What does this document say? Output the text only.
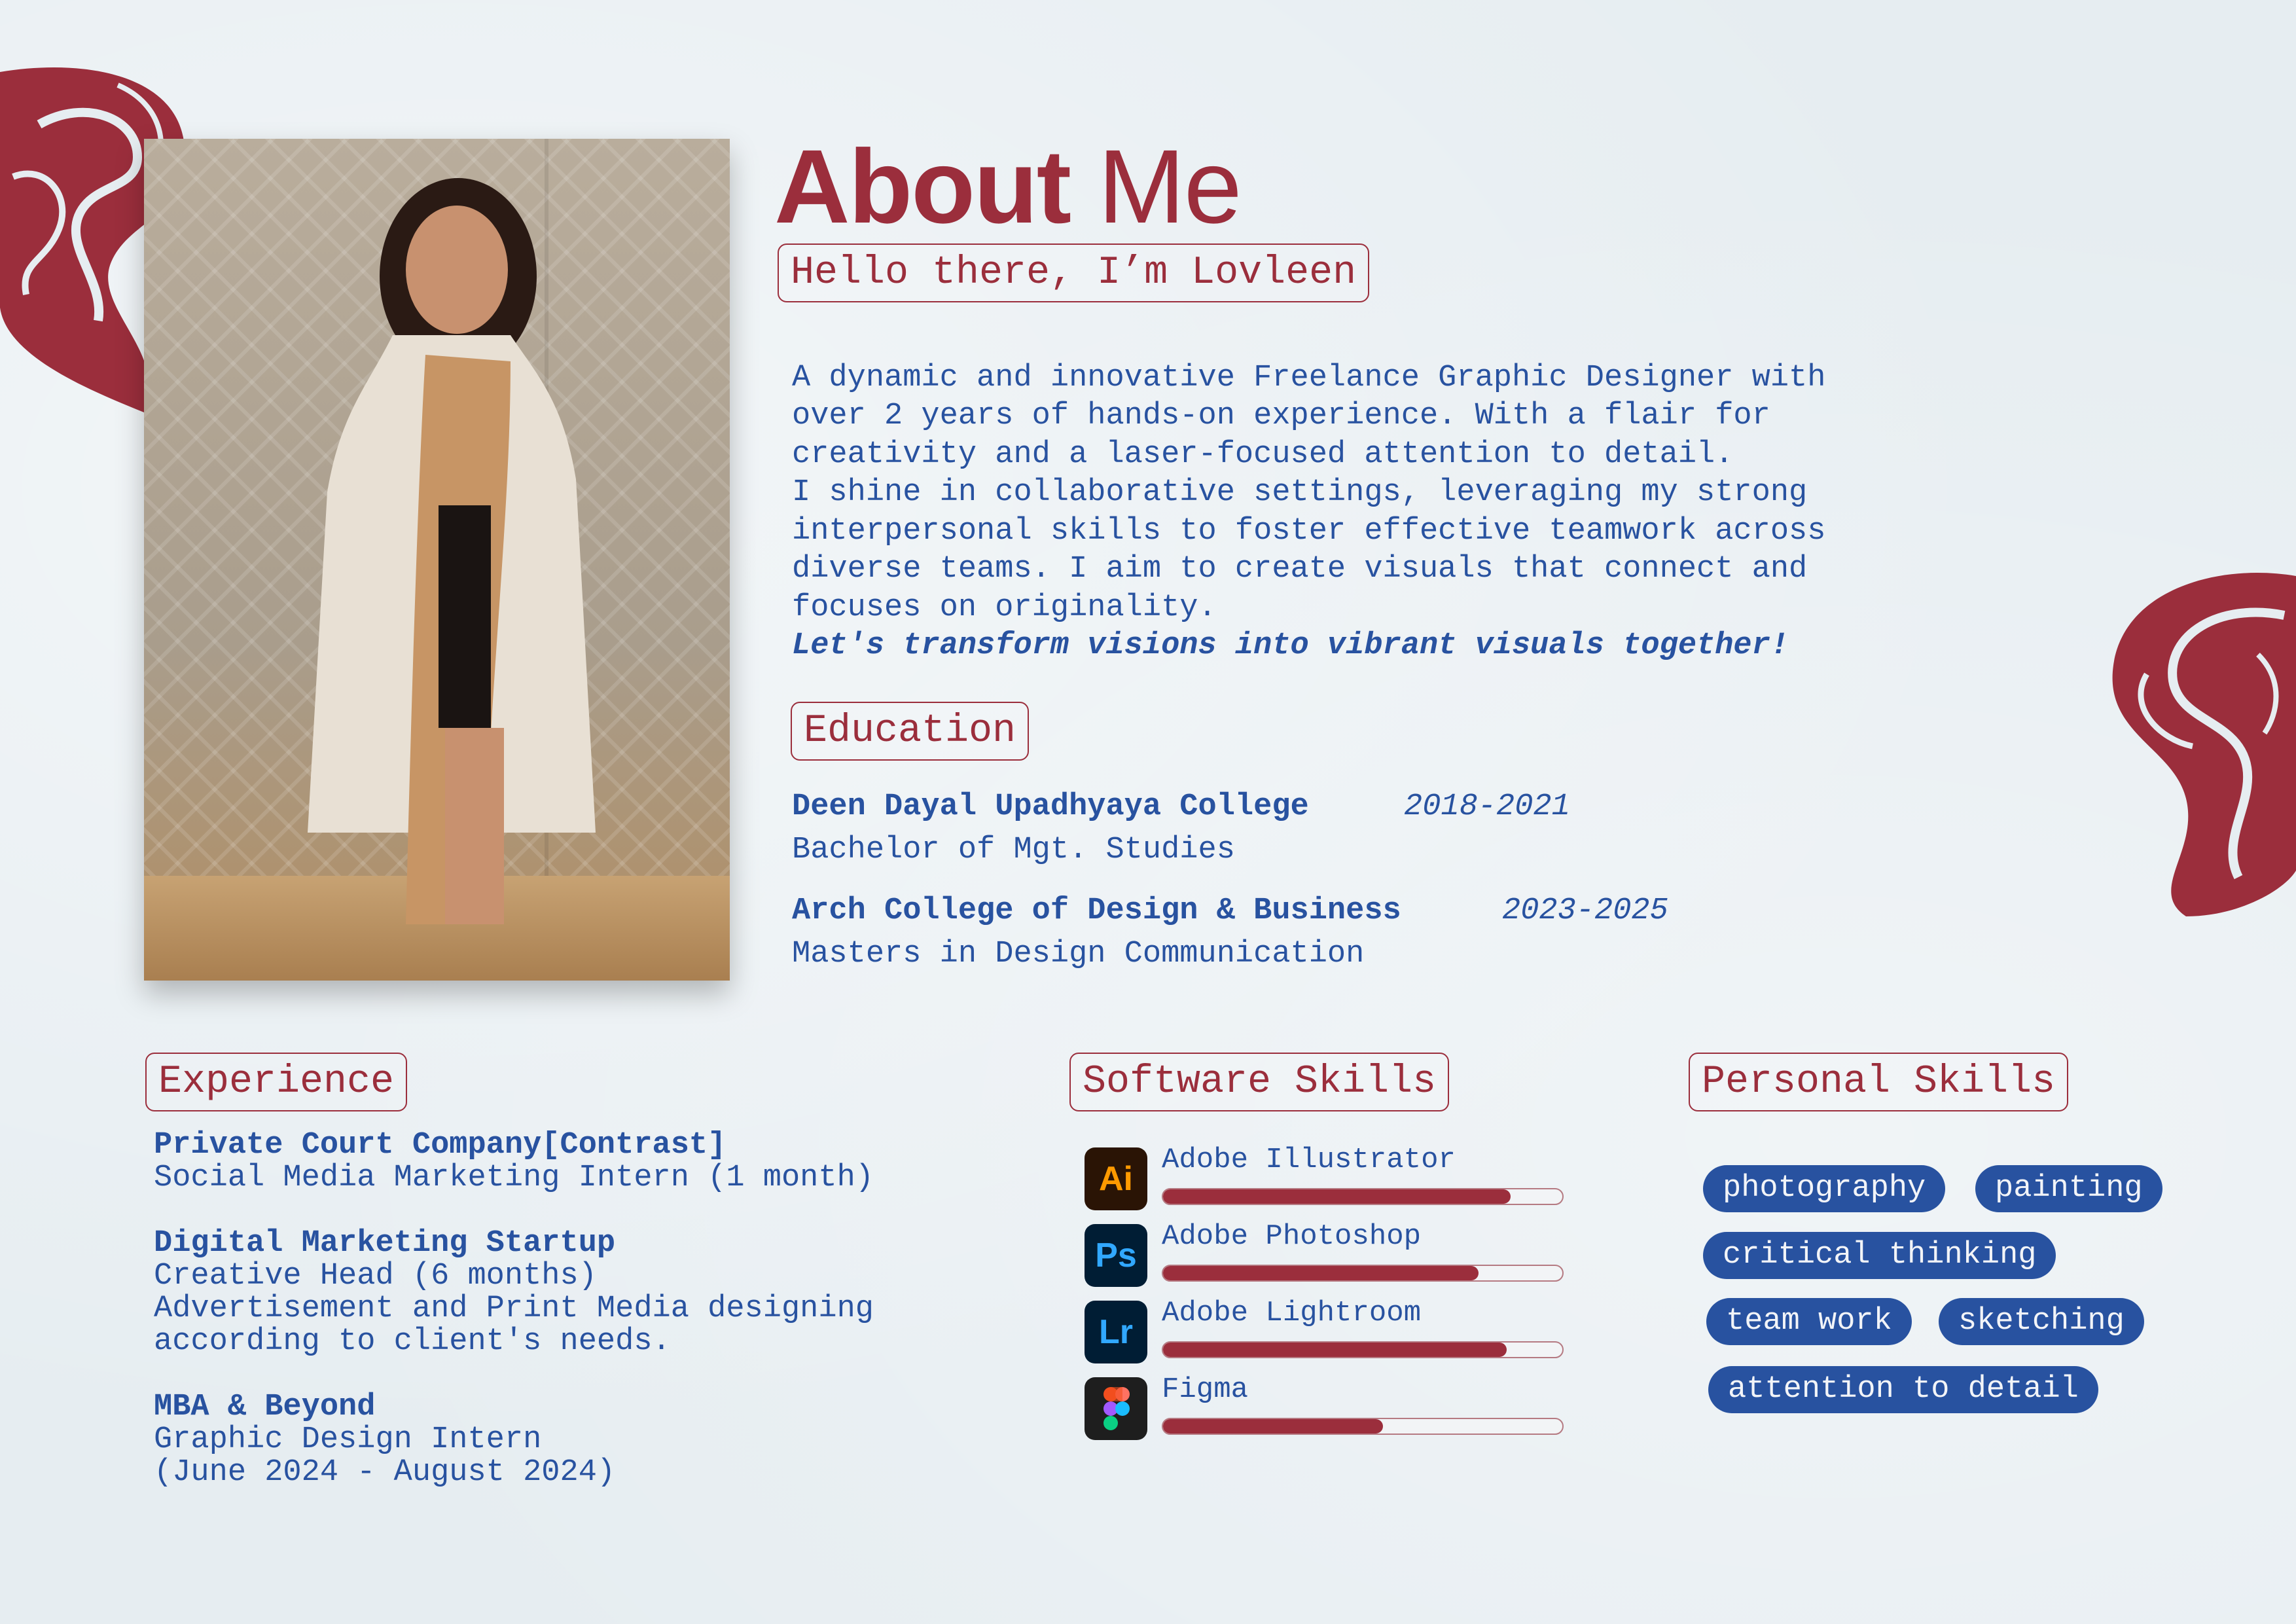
About Me
Hello there, I’m Lovleen

A dynamic and innovative Freelance Graphic Designer with
over 2 years of hands-on experience. With a flair for
creativity and a laser-focused attention to detail.
I shine in collaborative settings, leveraging my strong
interpersonal skills to foster effective teamwork across
diverse teams. I aim to create visuals that connect and
focuses on originality.

Let's transform visions into vibrant visuals together!

Education
Deen Dayal Upadhyaya College
Bachelor of Mgt. Studies
2018-2021
Arch College of Design & Business
Masters in Design Communication
2023-2025
Experience
Private Court Company[Contrast]
Social Media Marketing Intern (1 month)
Digital Marketing Startup
Creative Head (6 months)
Advertisement and Print Media designing
according to client's needs.
MBA & Beyond
Graphic Design Intern
(June 2024 - August 2024)
Software Skills
Ai	Adobe Illustrator
Ps Adobe Photoshop
Lr	Adobe Lightroom
Figma
Personal Skills
photography	painting
critical thinking
team work	sketching
attention to detail
